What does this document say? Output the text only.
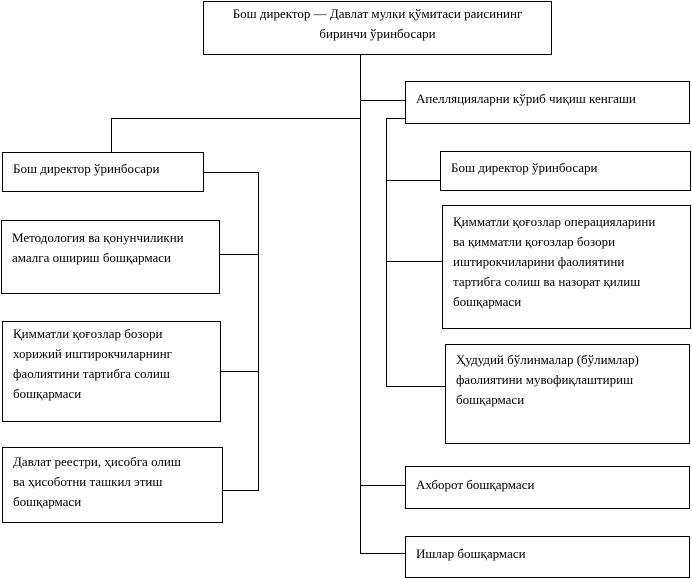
Бош директор — Давлат мулки қўмитаси раисининг
биринчи ўринбосари
Бош директор ўринбосари
Методология ва қонунчиликни
амалга ошириш бошқармаси
Қимматли қоғозлар бозори
хорижий иштирокчиларнинг
фаолиятини тартибга солиш
бошқармаси
Давлат реестри, ҳисобга олиш
ва ҳисоботни ташкил этиш
бошқармаси
Апелляцияларни кўриб чиқиш кенгаши
Бош директор ўринбосари
Қимматли қоғозлар операцияларини
ва қимматли қоғозлар бозори
иштирокчиларини фаолиятини
тартибга солиш ва назорат қилиш
бошқармаси
Ҳудудий бўлинмалар (бўлимлар)
фаолиятини мувофиқлаштириш
бошқармаси
Ахборот бошқармаси
Ишлар бошқармаси
